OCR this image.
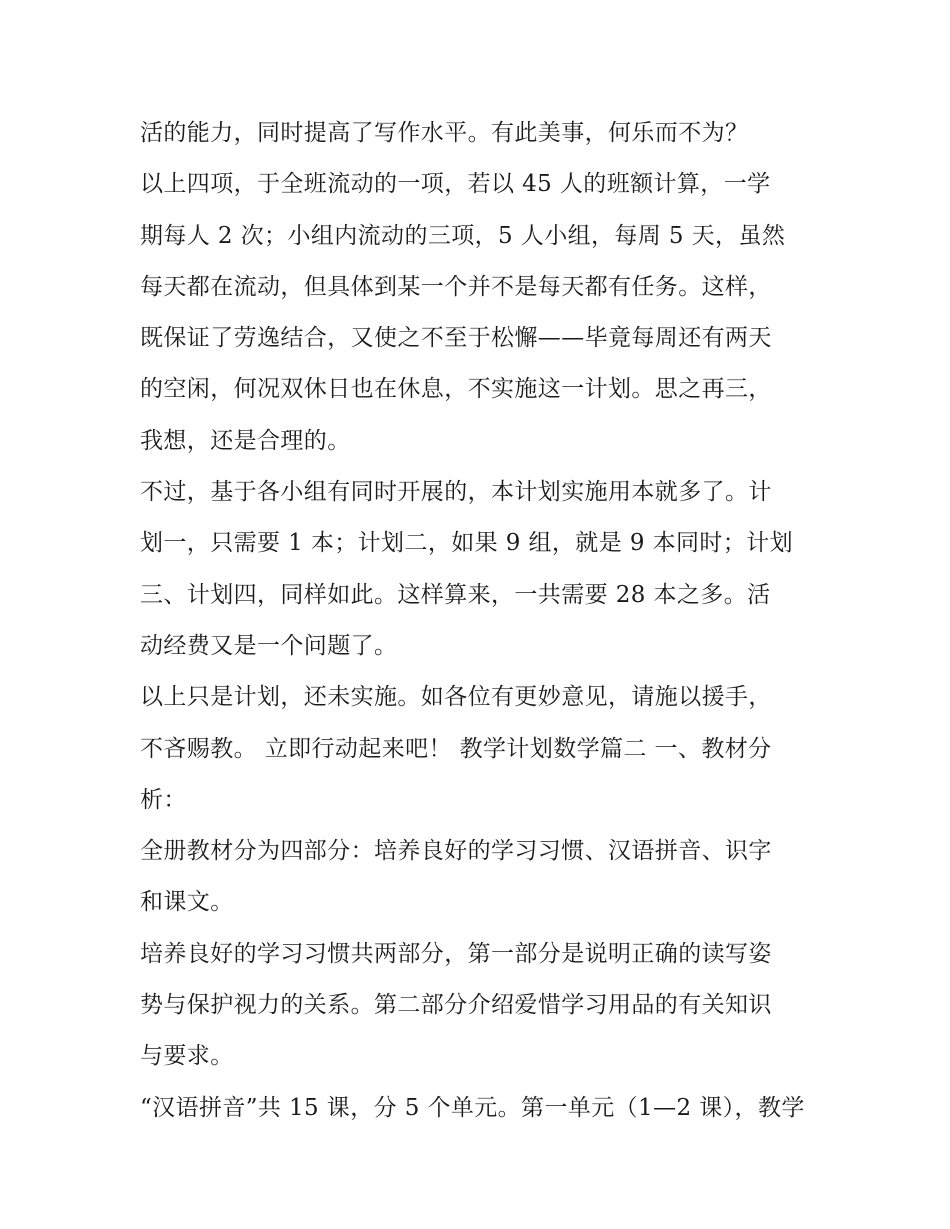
活的能力，同时提高了写作水平。有此美事，何乐而不为？
以上四项，于全班流动的一项，若以 45 人的班额计算，一学
期每人 2 次；小组内流动的三项，5 人小组，每周 5 天，虽然
每天都在流动，但具体到某一个并不是每天都有任务。这样，
既保证了劳逸结合，又使之不至于松懈——毕竟每周还有两天
的空闲，何况双休日也在休息，不实施这一计划。思之再三，
我想，还是合理的。
不过，基于各小组有同时开展的，本计划实施用本就多了。计
划一，只需要 1 本；计划二，如果 9 组，就是 9 本同时；计划
三、计划四，同样如此。这样算来，一共需要 28 本之多。活
动经费又是一个问题了。
以上只是计划，还未实施。如各位有更妙意见，请施以援手，
不吝赐教。 立即行动起来吧！ 教学计划数学篇二 一、教材分
析：
全册教材分为四部分：培养良好的学习习惯、汉语拼音、识字
和课文。
培养良好的学习习惯共两部分，第一部分是说明正确的读写姿
势与保护视力的关系。第二部分介绍爱惜学习用品的有关知识
与要求。
“汉语拼音”共 15 课，分 5 个单元。第一单元（1—2 课），教学
